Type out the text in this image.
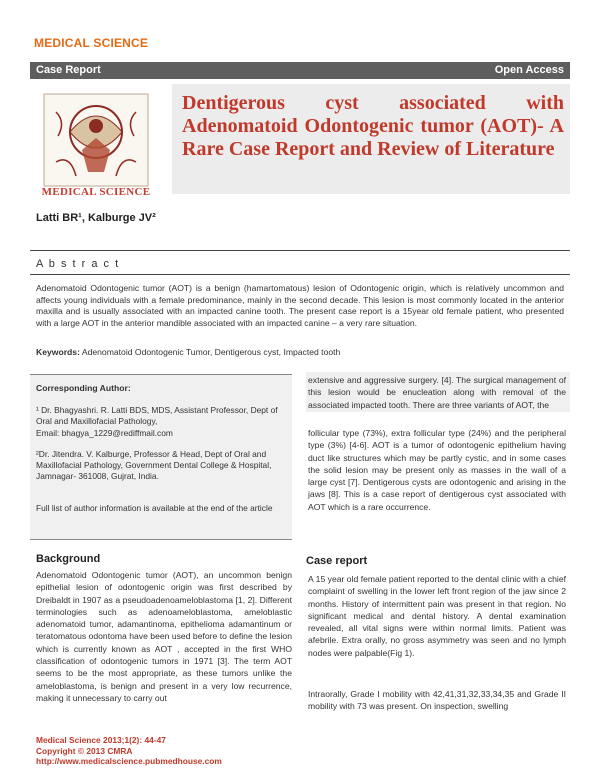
MEDICAL SCIENCE
Case Report	Open Access
MEDICAL SCIENCE
Dentigerous cyst associated with Adenomatoid Odontogenic tumor (AOT)- A Rare Case Report and Review of Literature
Latti BR¹, Kalburge JV²
A b s t r a c t
Adenomatoid Odontogenic tumor (AOT) is a benign (hamartomatous) lesion of Odontogenic origin, which is relatively uncommon and affects young individuals with a female predominance, mainly in the second decade. This lesion is most commonly located in the anterior maxilla and is usually associated with an impacted canine tooth. The present case report is a 15year old female patient, who presented with a large AOT in the anterior mandible associated with an impacted canine – a very rare situation.
Keywords: Adenomatoid Odontogenic Tumor, Dentigerous cyst, Impacted tooth
Corresponding Author:
¹ Dr. Bhagyashri. R. Latti BDS, MDS, Assistant Professor, Dept of Oral and Maxillofacial Pathology,
Email: bhagya_1229@rediffmail.com
²Dr. Jitendra. V. Kalburge, Professor & Head, Dept of Oral and Maxillofacial Pathology, Government Dental College & Hospital, Jamnagar- 361008, Gujrat, India.
Full list of author information is available at the end of the article
extensive and aggressive surgery. [4]. The surgical management of this lesion would be enucleation along with removal of the associated impacted tooth. There are three variants of AOT, the
follicular type (73%), extra follicular type (24%) and the peripheral type (3%) [4-6]. AOT is a tumor of odontogenic epithelium having duct like structures which may be partly cystic, and in some cases the solid lesion may be present only as masses in the wall of a large cyst [7]. Dentigerous cysts are odontogenic and arising in the jaws [8]. This is a case report of dentigerous cyst associated with AOT which is a rare occurrence.
Case report
A 15 year old female patient reported to the dental clinic with a chief complaint of swelling in the lower left front region of the jaw since 2 months. History of intermittent pain was present in that region. No significant medical and dental history. A dental examination revealed, all vital signs were within normal limits. Patient was afebrile. Extra orally, no gross asymmetry was seen and no lymph nodes were palpable(Fig 1).
Intraorally, Grade I mobility with 42,41,31,32,33,34,35 and Grade II mobility with 73 was present. On inspection, swelling
Background
Adenomatoid Odontogenic tumor (AOT), an uncommon benign epithelial lesion of odontogenic origin was first described by Dreibaldt in 1907 as a pseudoadenoameloblastoma [1, 2]. Different terminologies such as adenoameloblastoma, ameloblastic adenomatoid tumor, adamantinoma, epithelioma adamantinum or teratomatous odontoma have been used before to define the lesion which is currently known as AOT , accepted in the first WHO classification of odontogenic tumors in 1971 [3]. The term AOT seems to be the most appropriate, as these tumors unlike the ameloblastoma, is benign and present in a very low recurrence, making it unnecessary to carry out
Medical Science 2013;1(2): 44-47
Copyright © 2013 CMRA
http://www.medicalscience.pubmedhouse.com
